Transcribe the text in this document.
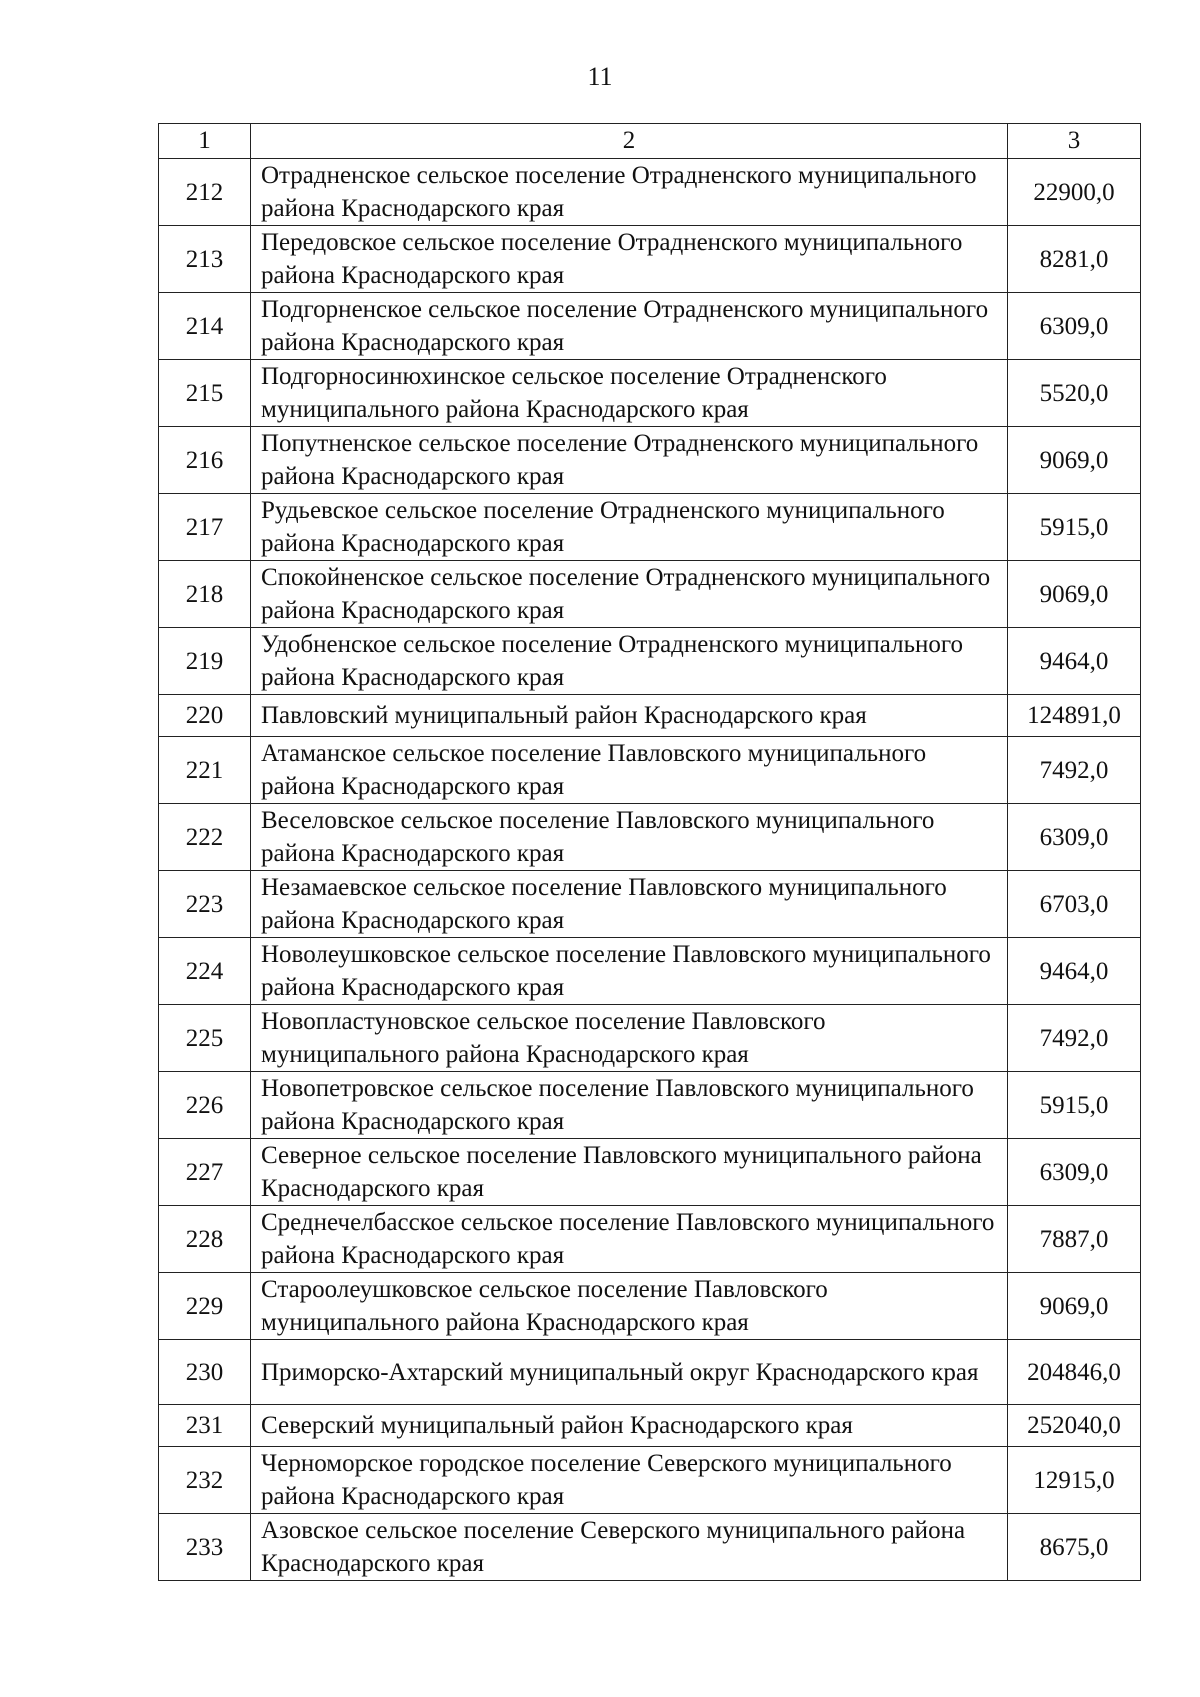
11
1	2	3
212	Отрадненское сельское поселение Отрадненского муниципального района Краснодарского края	22900,0
213	Передовское сельское поселение Отрадненского муниципального района Краснодарского края	8281,0
214	Подгорненское сельское поселение Отрадненского муниципального района Краснодарского края	6309,0
215	Подгорносинюхинское сельское поселение Отрадненского муниципального района Краснодарского края	5520,0
216	Попутненское сельское поселение Отрадненского муниципального района Краснодарского края	9069,0
217	Рудьевское сельское поселение Отрадненского муниципального района Краснодарского края	5915,0
218	Спокойненское сельское поселение Отрадненского муниципального района Краснодарского края	9069,0
219	Удобненское сельское поселение Отрадненского муниципального района Краснодарского края	9464,0
220	Павловский муниципальный район Краснодарского края	124891,0
221	Атаманское сельское поселение Павловского муниципального района Краснодарского края	7492,0
222	Веселовское сельское поселение Павловского муниципального района Краснодарского края	6309,0
223	Незамаевское сельское поселение Павловского муниципального района Краснодарского края	6703,0
224	Новолеушковское сельское поселение Павловского муниципального района Краснодарского края	9464,0
225	Новопластуновское сельское поселение Павловского муниципального района Краснодарского края	7492,0
226	Новопетровское сельское поселение Павловского муниципального района Краснодарского края	5915,0
227	Северное сельское поселение Павловского муниципального района Краснодарского края	6309,0
228	Среднечелбасское сельское поселение Павловского муниципального района Краснодарского края	7887,0
229	Староолеушковское сельское поселение Павловского муниципального района Краснодарского края	9069,0
230	Приморско-Ахтарский муниципальный округ Краснодарского края	204846,0
231	Северский муниципальный район Краснодарского края	252040,0
232	Черноморское городское поселение Северского муниципального района Краснодарского края	12915,0
233	Азовское сельское поселение Северского муниципального района Краснодарского края	8675,0
